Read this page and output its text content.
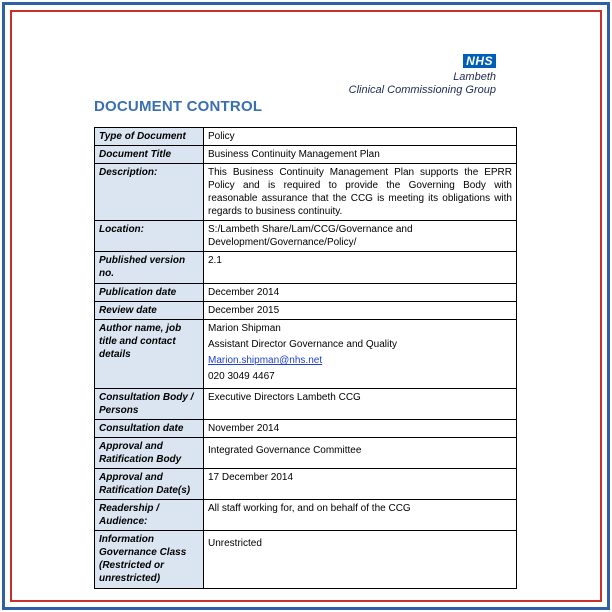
NHS
Lambeth
Clinical Commissioning Group
DOCUMENT CONTROL
Type of Document	Policy
Document Title	Business Continuity Management Plan
Description:	This Business Continuity Management Plan supports the EPRR Policy and is required to provide the Governing Body with reasonable assurance that the CCG is meeting its obligations with regards to business continuity.
Location:	S:/Lambeth Share/Lam/CCG/Governance and Development/Governance/Policy/
Published version no.	2.1
Publication date	December 2014
Review date	December 2015
Author name, job title and contact details	Marion Shipman
Assistant Director Governance and Quality
Marion.shipman@nhs.net
020 3049 4467

Consultation Body / Persons	Executive Directors Lambeth CCG
Consultation date	November 2014
Approval and Ratification Body	Integrated Governance Committee
Approval and Ratification Date(s)	17 December 2014
Readership / Audience:	All staff working for, and on behalf of the CCG
Information Governance Class (Restricted or unrestricted)	Unrestricted
